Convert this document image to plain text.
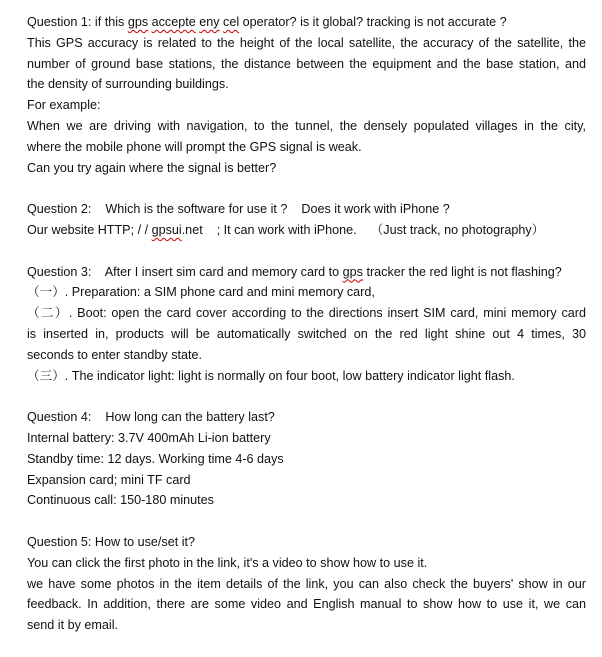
Question 1: if this gps accepte eny cel operator? is it global? tracking is not accurate ?
This GPS accuracy is related to the height of the local satellite, the accuracy of the satellite, the
number of ground base stations, the distance between the equipment and the base station, and
the density of surrounding buildings.
For example:
When we are driving with navigation, to the tunnel, the densely populated villages in the city,
where the mobile phone will prompt the GPS signal is weak.
Can you try again where the signal is better?
Question 2:    Which is the software for use it ?    Does it work with iPhone ?
Our website HTTP; / / gpsui.net    ; It can work with iPhone.    （Just track, no photography）
Question 3:    After I insert sim card and memory card to gps tracker the red light is not flashing?
（一）. Preparation: a SIM phone card and mini memory card,
（二）. Boot: open the card cover according to the directions insert SIM card, mini memory card
is inserted in, products will be automatically switched on the red light shine out 4 times, 30
seconds to enter standby state.
（三）. The indicator light: light is normally on four boot, low battery indicator light flash.
Question 4:    How long can the battery last?
Internal battery: 3.7V 400mAh Li-ion battery
Standby time: 12 days. Working time 4-6 days
Expansion card; mini TF card
Continuous call: 150-180 minutes
Question 5: How to use/set it?
You can click the first photo in the link, it's a video to show how to use it.
we have some photos in the item details of the link, you can also check the buyers' show in our
feedback. In addition, there are some video and English manual to show how to use it, we can
send it by email.
